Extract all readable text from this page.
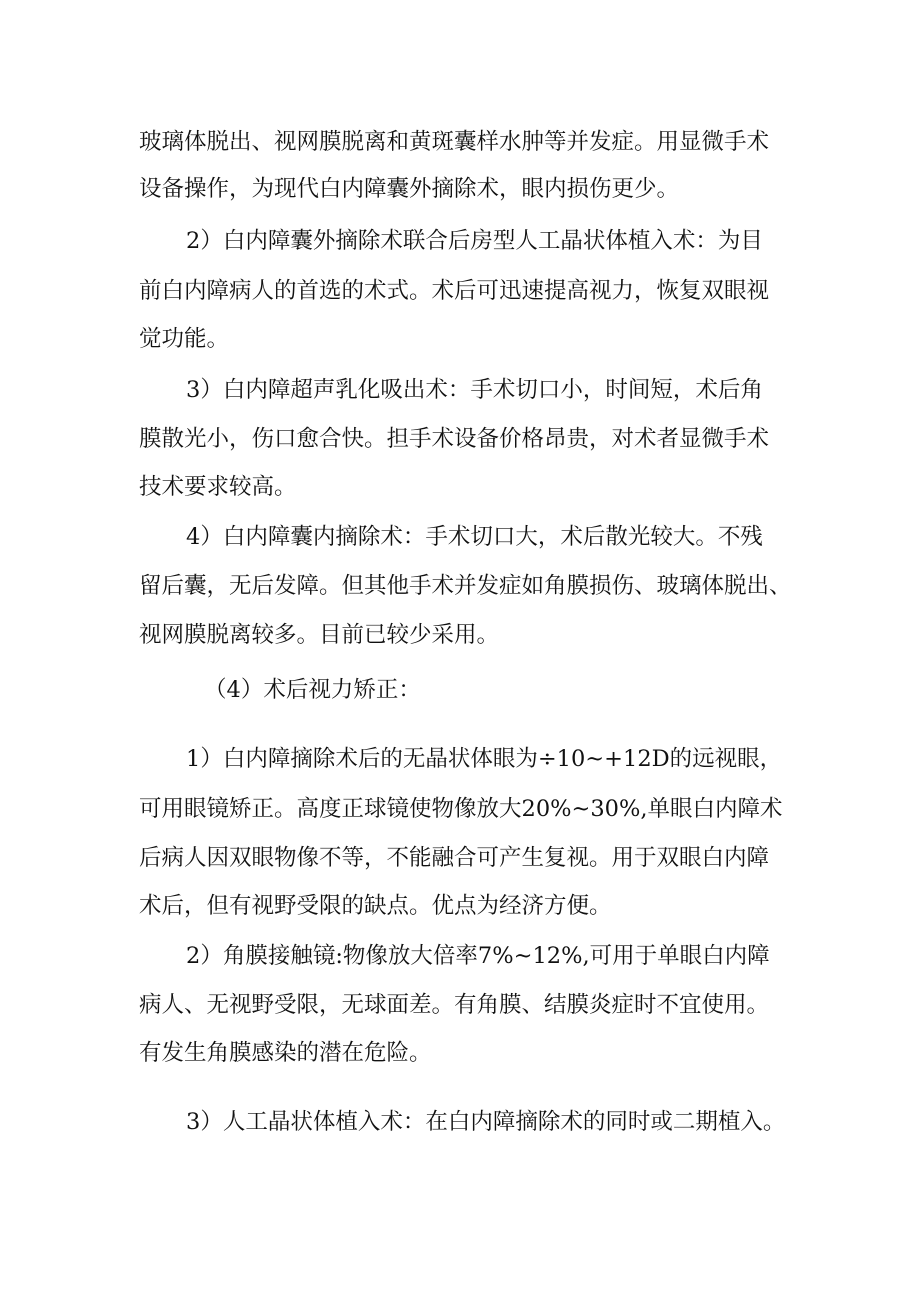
玻璃体脱出、视网膜脱离和黄斑囊样水肿等并发症。用显微手术
设备操作，为现代白内障囊外摘除术，眼内损伤更少。
2）白内障囊外摘除术联合后房型人工晶状体植入术：为目
前白内障病人的首选的术式。术后可迅速提高视力，恢复双眼视
觉功能。
3）白内障超声乳化吸出术：手术切口小，时间短，术后角
膜散光小，伤口愈合快。担手术设备价格昂贵，对术者显微手术
技术要求较高。
4）白内障囊内摘除术：手术切口大，术后散光较大。不残
留后囊，无后发障。但其他手术并发症如角膜损伤、玻璃体脱出、
视网膜脱离较多。目前已较少采用。
（4）术后视力矫正：
1）白内障摘除术后的无晶状体眼为÷10~+12D的远视眼，
可用眼镜矫正。高度正球镜使物像放大20%~30%,单眼白内障术
后病人因双眼物像不等，不能融合可产生复视。用于双眼白内障
术后，但有视野受限的缺点。优点为经济方便。
2）角膜接触镜:物像放大倍率7%~12%,可用于单眼白内障
病人、无视野受限，无球面差。有角膜、结膜炎症时不宜使用。
有发生角膜感染的潜在危险。
3）人工晶状体植入术：在白内障摘除术的同时或二期植入。
